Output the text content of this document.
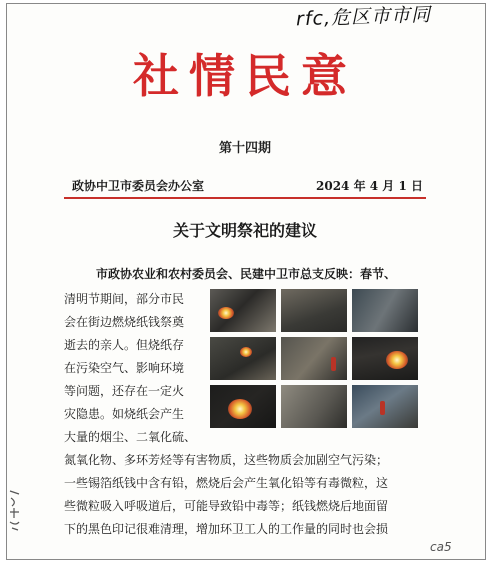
rfc,危区市市同
ca5
社情民意
第十四期
政协中卫市委员会办公室	2024 年 4 月 1 日
关于文明祭祀的建议
市政协农业和农村委员会、民建中卫市总支反映：春节、
清明节期间，部分市民
会在街边燃烧纸钱祭奠
逝去的亲人。但烧纸存
在污染空气、影响环境
等问题，还存在一定火
灾隐患。如烧纸会产生
大量的烟尘、二氧化硫、
氮氧化物、多环芳烃等有害物质，这些物质会加剧空气污染；
一些锡箔纸钱中含有铅，燃烧后会产生氧化铅等有毒微粒，这
些微粒吸入呼吸道后，可能导致铅中毒等；纸钱燃烧后地面留
下的黑色印记很难清理，增加环卫工人的工作量的同时也会损
